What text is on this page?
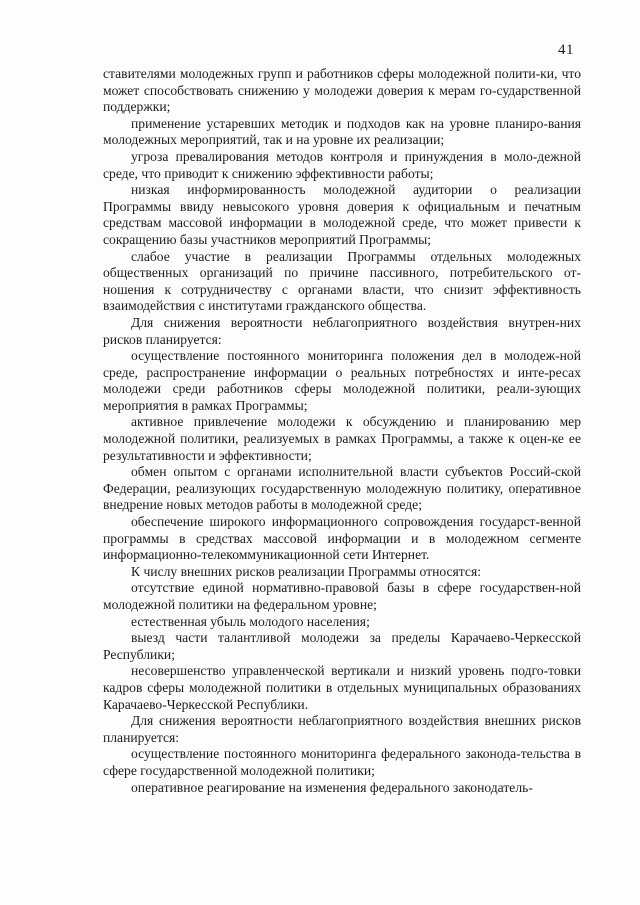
41

ставителями молодежных групп и работников сферы молодежной полити-ки, что может способствовать снижению у молодежи доверия к мерам го-сударственной поддержки;

применение устаревших методик и подходов как на уровне планиро-вания молодежных мероприятий, так и на уровне их реализации;

угроза превалирования методов контроля и принуждения в моло-дежной среде, что приводит к снижению эффективности работы;

низкая информированность молодежной аудитории о реализации Программы ввиду невысокого уровня доверия к официальным и печатным средствам массовой информации в молодежной среде, что может привести к сокращению базы участников мероприятий Программы;

слабое участие в реализации Программы отдельных молодежных общественных организаций по причине пассивного, потребительского от-ношения к сотрудничеству с органами власти, что снизит эффективность взаимодействия с институтами гражданского общества.

Для снижения вероятности неблагоприятного воздействия внутрен-них рисков планируется:

осуществление постоянного мониторинга положения дел в молодеж-ной среде, распространение информации о реальных потребностях и инте-ресах молодежи среди работников сферы молодежной политики, реали-зующих мероприятия в рамках Программы;

активное привлечение молодежи к обсуждению и планированию мер молодежной политики, реализуемых в рамках Программы, а также к оцен-ке ее результативности и эффективности;

обмен опытом с органами исполнительной власти субъектов Россий-ской Федерации, реализующих государственную молодежную политику, оперативное внедрение новых методов работы в молодежной среде;

обеспечение широкого информационного сопровождения государст-венной программы в средствах массовой информации и в молодежном сегменте информационно-телекоммуникационной сети Интернет.

К числу внешних рисков реализации Программы относятся:

отсутствие единой нормативно-правовой базы в сфере государствен-ной молодежной политики на федеральном уровне;

естественная убыль молодого населения;

выезд части талантливой молодежи за пределы Карачаево-Черкесской Республики;

несовершенство управленческой вертикали и низкий уровень подго-товки кадров сферы молодежной политики в отдельных муниципальных образованиях Карачаево-Черкесской Республики.

Для снижения вероятности неблагоприятного воздействия внешних рисков планируется:

осуществление постоянного мониторинга федерального законода-тельства в сфере государственной молодежной политики;

оперативное реагирование на изменения федерального законодатель-
